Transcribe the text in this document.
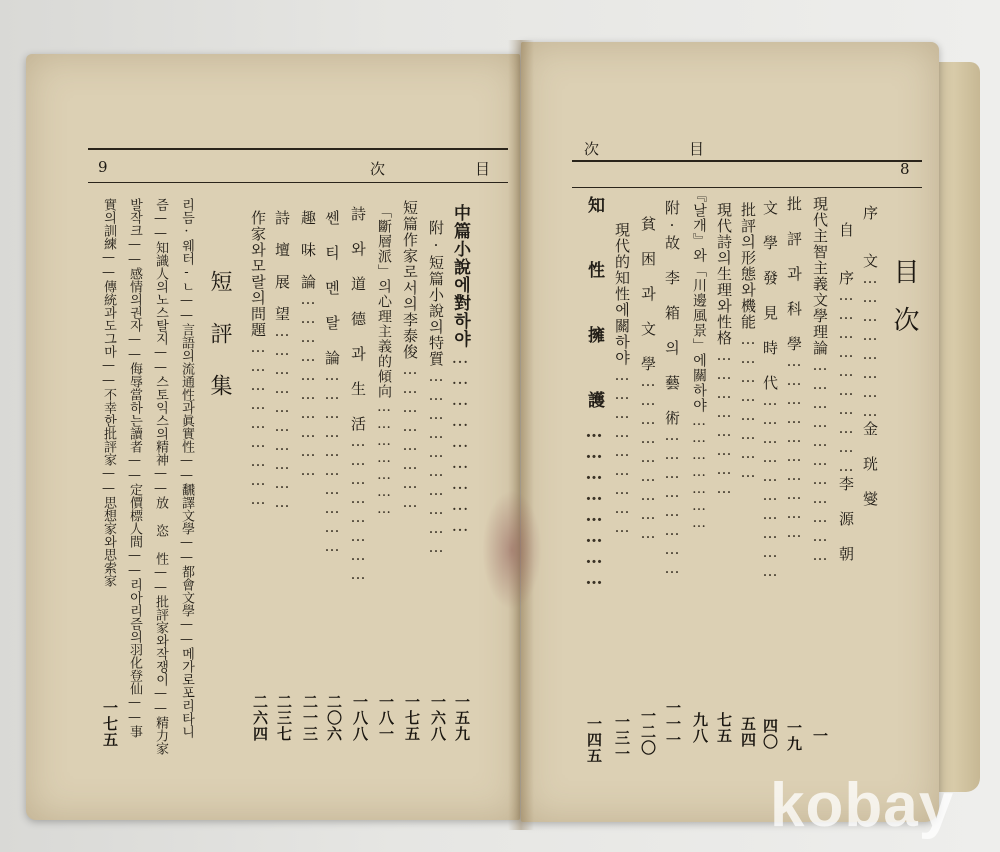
9	次　　　　目
次　　　　目
8
目次
序　　文……………………金 珖 燮
自　　序…………………………李 源 朝
現代主智主義文學理論……………………………
一
批 評 과 科 學…………………………
一九
文 學 發 見 時 代…………………………
四〇
批評의形態와機能……………………
五四
現代詩의生理와性格……………………
七五
『날개』와「川邊風景」에關하야…………………
九八
附·故 李 箱 의 藝 術……………………
一一一
貧 困 과 文 學………………………
一二〇
現代的知性에關하야………………………
一三一
知 性 擁 護……………………
一四五
中篇小說에對하야………………………
一五九
附·短篇小說의特質…………………………
一六八
短篇作家로서의李泰俊……………………
一七五
「斷層派」의心理主義的傾向…………………
一八一
詩 와 道 德 과 生 活……………………
一八八
쎈 티 멘 탈 論…………………………
二〇六
趣　味　論…………………………
二一三
詩　壇　展　望…………………………
二三七
作家와모랄의問題………………………
二六四
短評集
리듬·웨터-ㄴ——言語의流通性과眞實性——飜譯文學——都會文學——메가로포리타니
즘——知識人의노스탈지——스토익스의精神——放 恣 性——批評家와작쟁이——精力家
발작크——感情의권자——侮辱當하는讀者——定價標人間——리아리즘의羽化登仙——事
實의訓練——傳統과도그마——不幸한批評家——思想家와思索家
一七五
kobay
